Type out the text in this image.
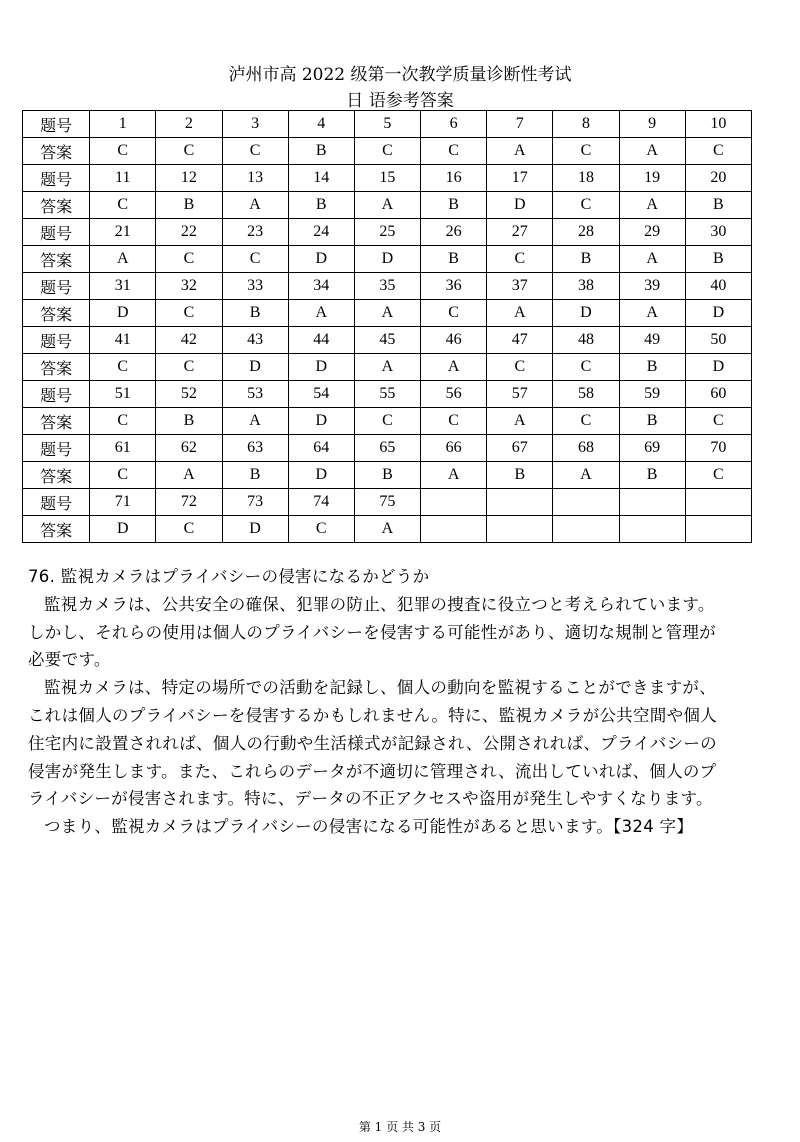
泸州市高 2022 级第一次教学质量诊断性考试
日 语参考答案
题号	1	2	3	4	5	6	7	8	9	10
答案	C	C	C	B	C	C	A	C	A	C
题号	11	12	13	14	15	16	17	18	19	20
答案	C	B	A	B	A	B	D	C	A	B
题号	21	22	23	24	25	26	27	28	29	30
答案	A	C	C	D	D	B	C	B	A	B
题号	31	32	33	34	35	36	37	38	39	40
答案	D	C	B	A	A	C	A	D	A	D
题号	41	42	43	44	45	46	47	48	49	50
答案	C	C	D	D	A	A	C	C	B	D
题号	51	52	53	54	55	56	57	58	59	60
答案	C	B	A	D	C	C	A	C	B	C
题号	61	62	63	64	65	66	67	68	69	70
答案	C	A	B	D	B	A	B	A	B	C
题号	71	72	73	74	75					
答案	D	C	D	C	A					
76. 監視カメラはプライバシーの侵害になるかどうか
監視カメラは、公共安全の確保、犯罪の防止、犯罪の捜査に役立つと考えられています。
しかし、それらの使用は個人のプライバシーを侵害する可能性があり、適切な規制と管理が
必要です。
監視カメラは、特定の場所での活動を記録し、個人の動向を監視することができますが、
これは個人のプライバシーを侵害するかもしれません。特に、監視カメラが公共空間や個人
住宅内に設置されれば、個人の行動や生活様式が記録され、公開されれば、プライバシーの
侵害が発生します。また、これらのデータが不適切に管理され、流出していれば、個人のプ
ライバシーが侵害されます。特に、データの不正アクセスや盗用が発生しやすくなります。
つまり、監視カメラはプライバシーの侵害になる可能性があると思います。【324 字】
第 1 页 共 3 页
